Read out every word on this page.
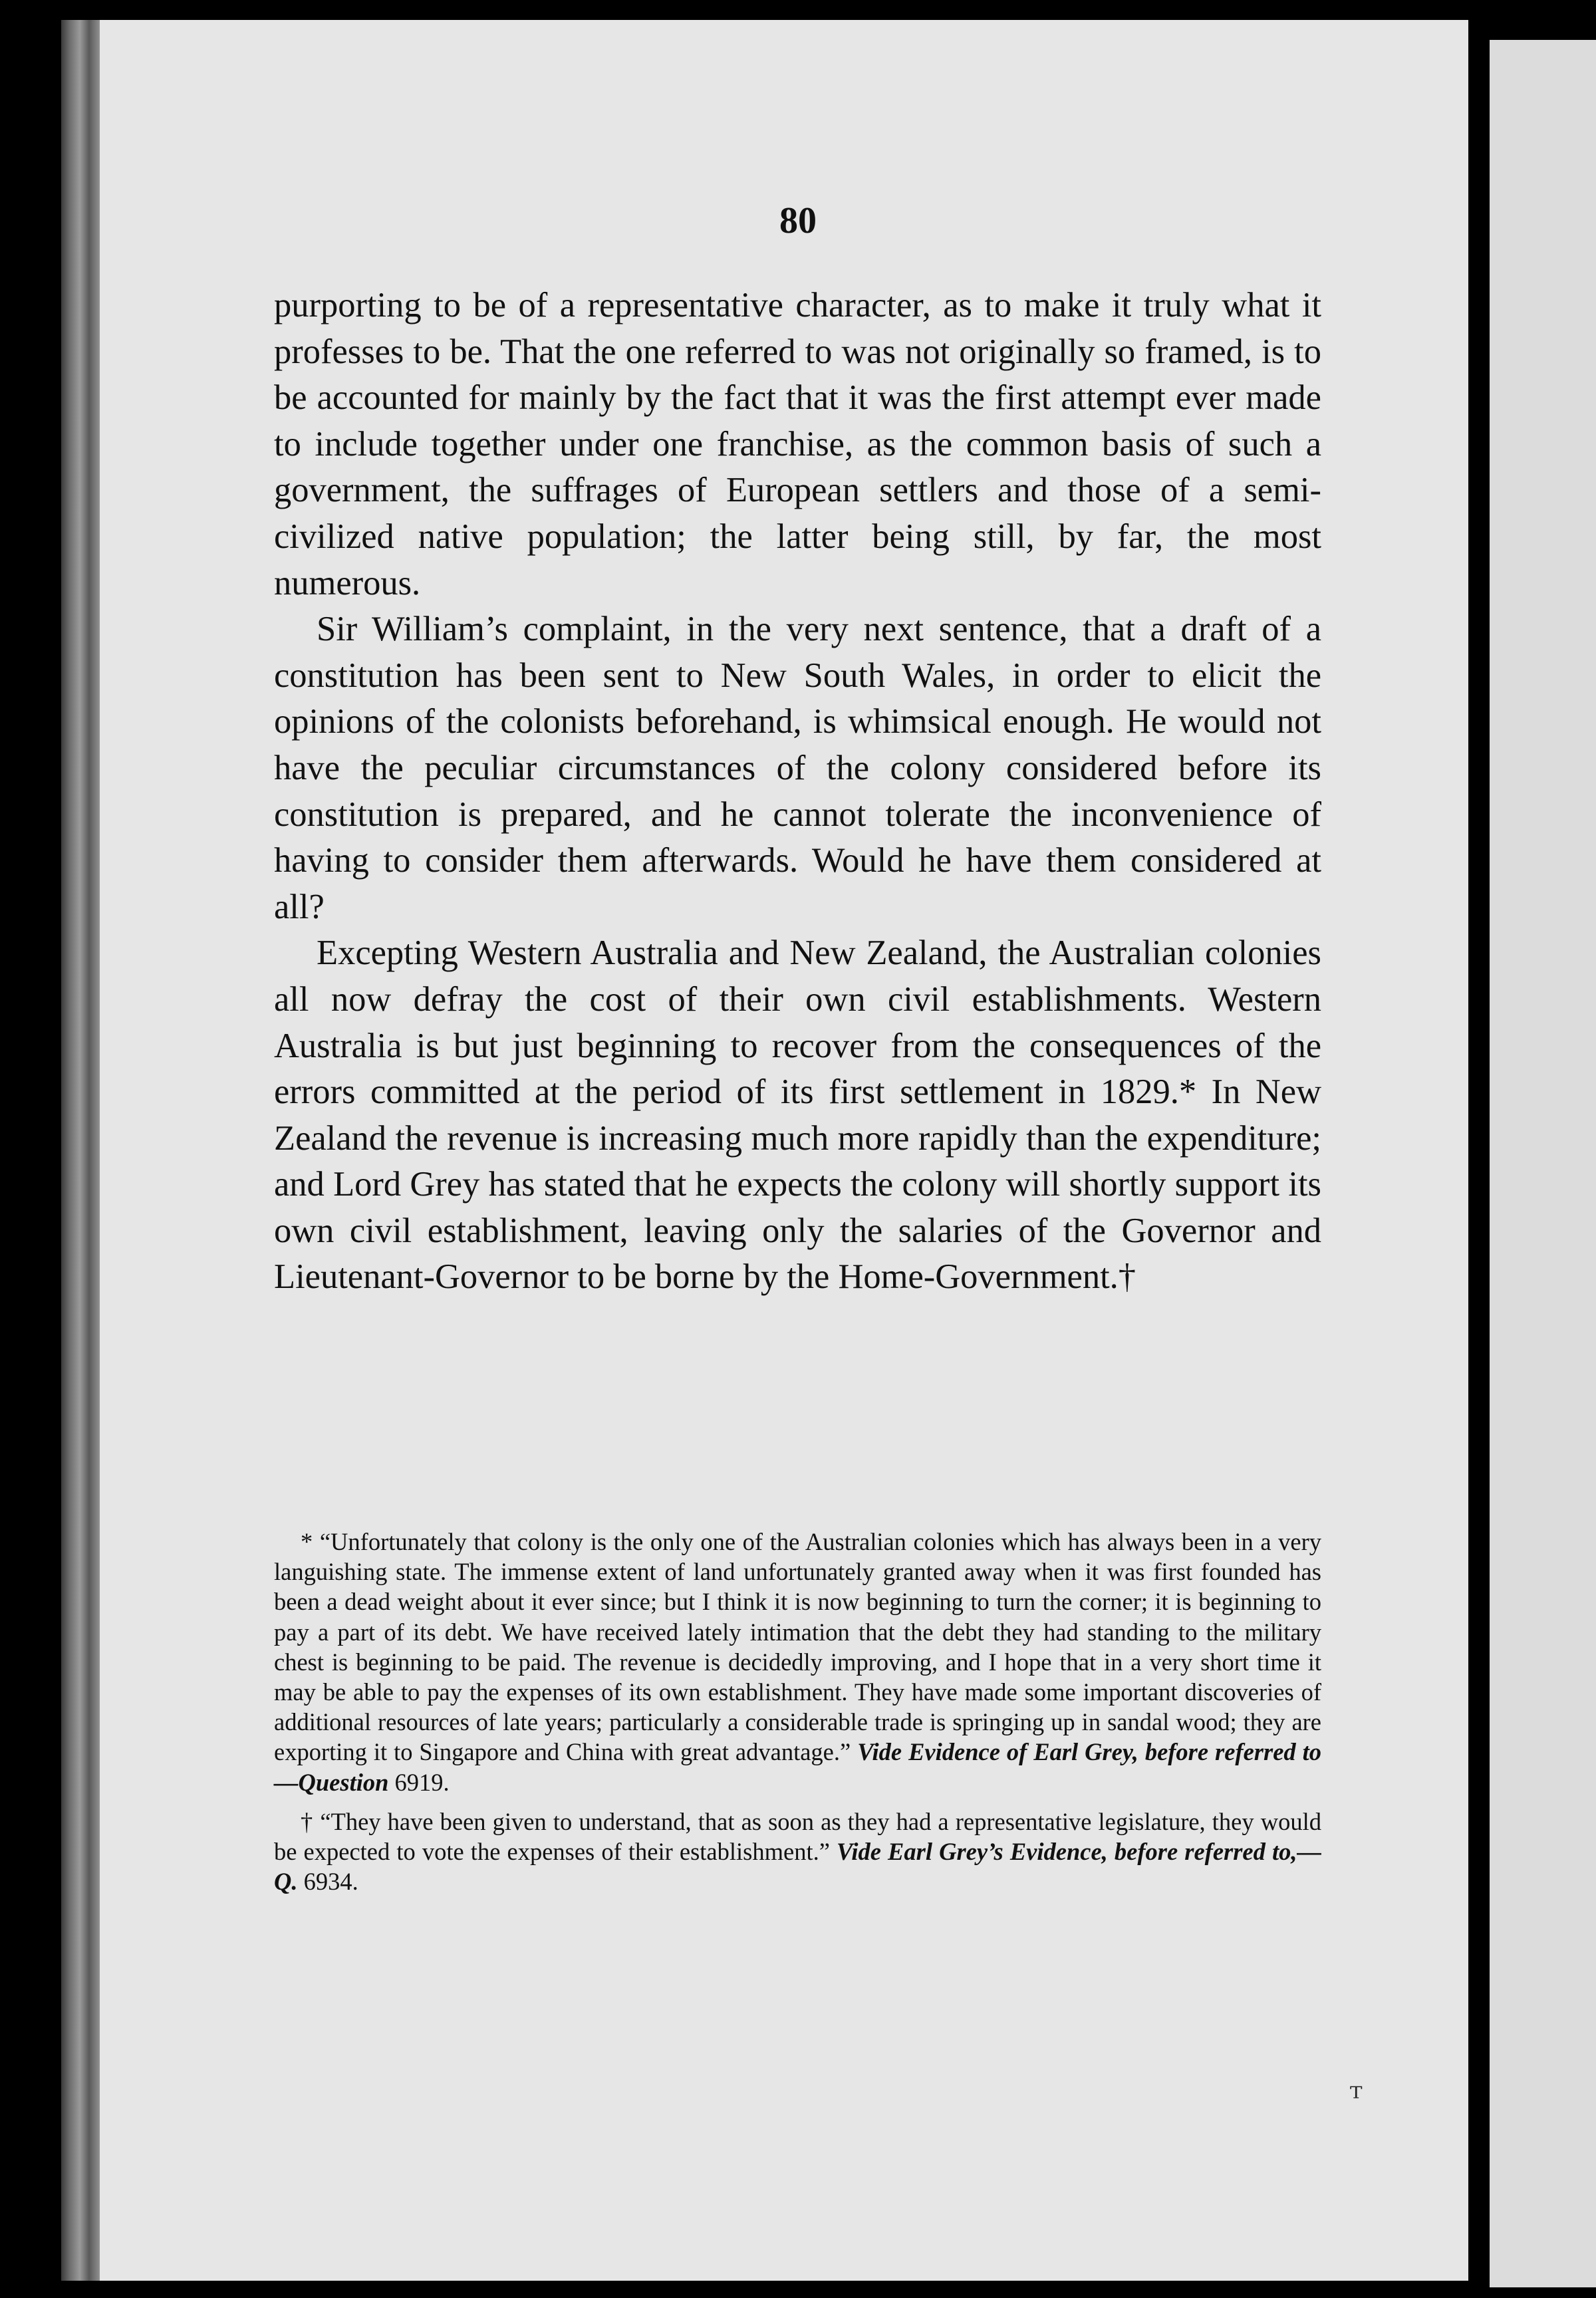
80

purporting to be of a representative character, as to make it truly what it professes to be. That the one referred to was not originally so framed, is to be accounted for mainly by the fact that it was the first attempt ever made to include together under one franchise, as the common basis of such a government, the suffrages of European settlers and those of a semi-civilized native population; the latter being still, by far, the most numerous.

Sir William’s complaint, in the very next sentence, that a draft of a constitution has been sent to New South Wales, in order to elicit the opinions of the colonists beforehand, is whimsical enough. He would not have the peculiar circumstances of the colony considered before its constitution is prepared, and he cannot tolerate the inconvenience of having to consider them afterwards. Would he have them considered at all?

Excepting Western Australia and New Zealand, the Australian colonies all now defray the cost of their own civil establishments. Western Australia is but just beginning to recover from the consequences of the errors committed at the period of its first settlement in 1829.* In New Zealand the revenue is increasing much more rapidly than the expenditure; and Lord Grey has stated that he expects the colony will shortly support its own civil establishment, leaving only the salaries of the Governor and Lieutenant-Governor to be borne by the Home-Government.†

* “Unfortunately that colony is the only one of the Australian colonies which has always been in a very languishing state. The immense extent of land unfortunately granted away when it was first founded has been a dead weight about it ever since; but I think it is now beginning to turn the corner; it is beginning to pay a part of its debt. We have received lately intimation that the debt they had standing to the military chest is beginning to be paid. The revenue is decidedly improving, and I hope that in a very short time it may be able to pay the expenses of its own establishment. They have made some important discoveries of additional resources of late years; particularly a considerable trade is springing up in sandal wood; they are exporting it to Singapore and China with great advantage.” Vide Evidence of Earl Grey, before referred to—Question 6919.

† “They have been given to understand, that as soon as they had a representative legislature, they would be expected to vote the expenses of their establishment.” Vide Earl Grey’s Evidence, before referred to,—Q. 6934.

ᵀ
